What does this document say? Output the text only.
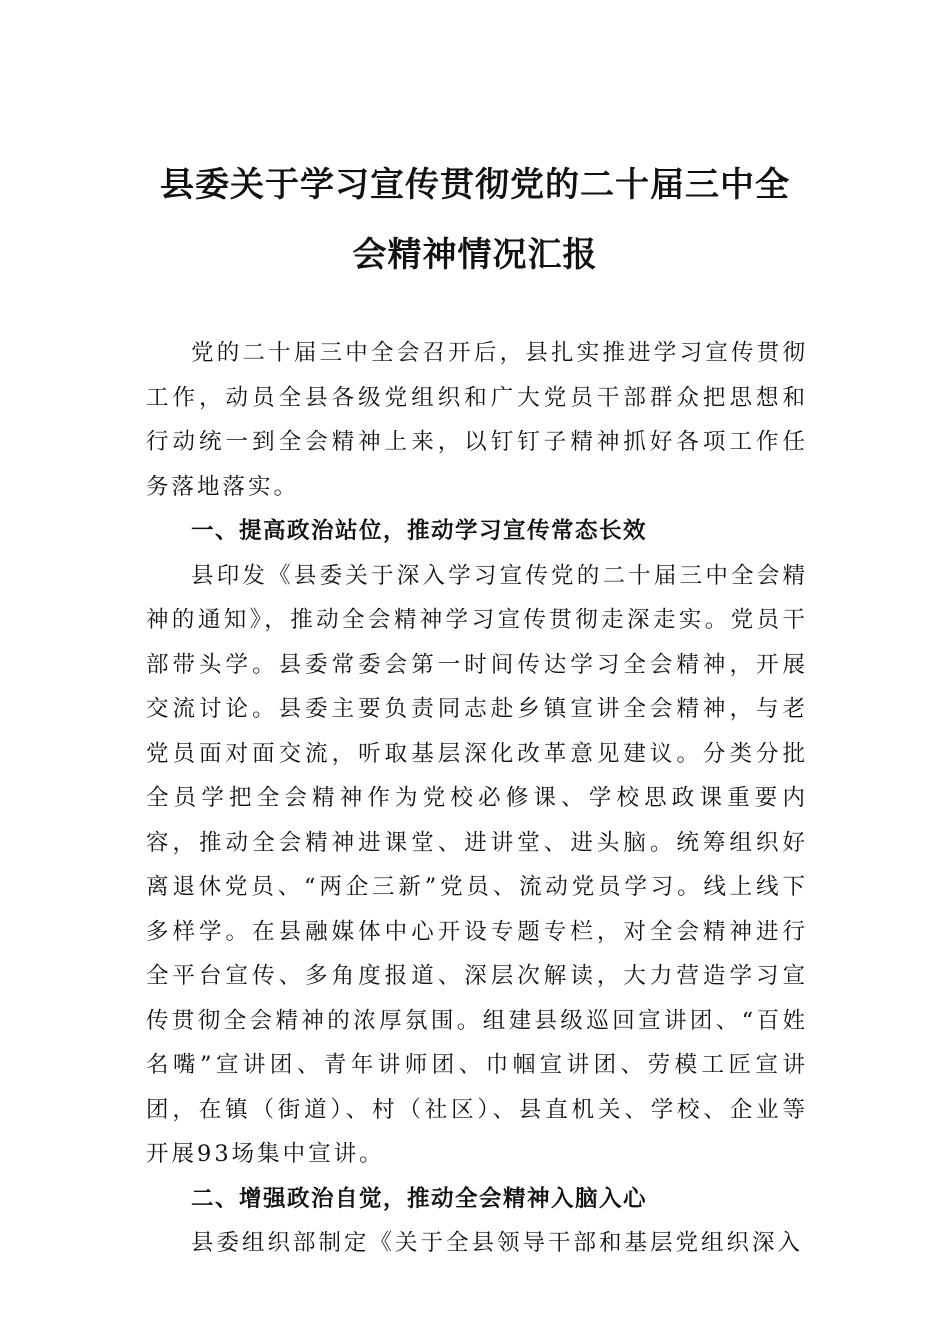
县委关于学习宣传贯彻党的二十届三中全
会精神情况汇报

党的二十届三中全会召开后，县扎实推进学习宣传贯彻工作，动员全县各级党组织和广大党员干部群众把思想和行动统一到全会精神上来，以钉钉子精神抓好各项工作任务落地落实。

一、提高政治站位，推动学习宣传常态长效

县印发《县委关于深入学习宣传党的二十届三中全会精神的通知》，推动全会精神学习宣传贯彻走深走实。党员干部带头学。县委常委会第一时间传达学习全会精神，开展交流讨论。县委主要负责同志赴乡镇宣讲全会精神，与老党员面对面交流，听取基层深化改革意见建议。分类分批全员学把全会精神作为党校必修课、学校思政课重要内容，推动全会精神进课堂、进讲堂、进头脑。统筹组织好离退休党员、“两企三新”党员、流动党员学习。线上线下多样学。在县融媒体中心开设专题专栏，对全会精神进行全平台宣传、多角度报道、深层次解读，大力营造学习宣传贯彻全会精神的浓厚氛围。组建县级巡回宣讲团、“百姓名嘴”宣讲团、青年讲师团、巾帼宣讲团、劳模工匠宣讲团，在镇（街道）、村（社区）、县直机关、学校、企业等开展93场集中宣讲。

二、增强政治自觉，推动全会精神入脑入心

县委组织部制定《关于全县领导干部和基层党组织深入
